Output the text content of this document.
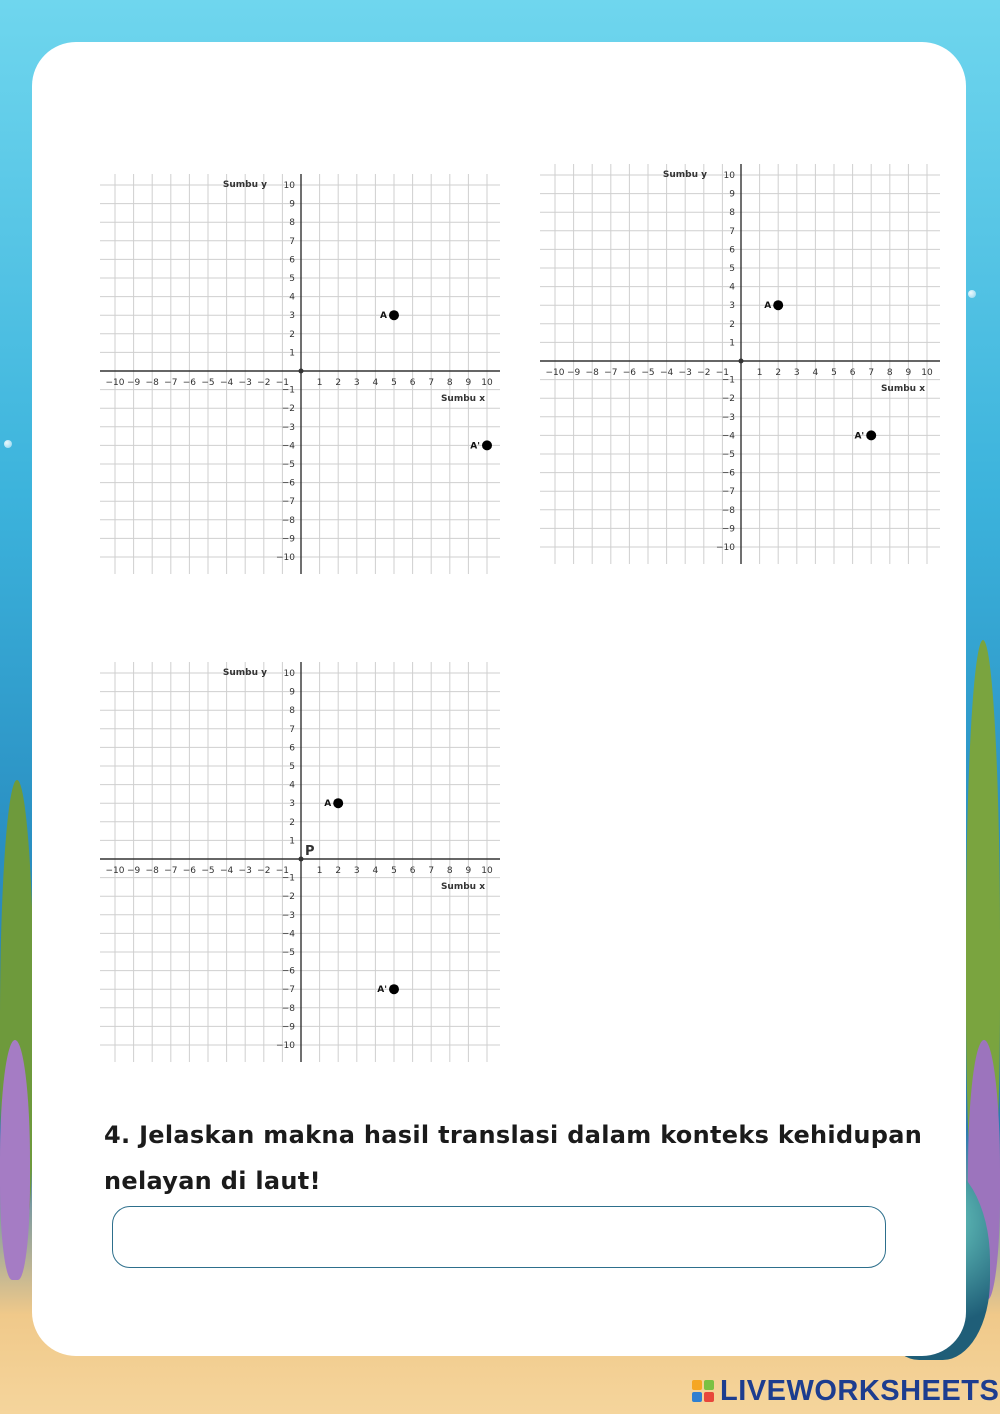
−10
−10
−9
−9
−8
−8
−7
−7
−6
−6
−5
−5
−4
−4
−3
−3
−2
−2
−1
−1
1
1
2
2
3
3
4
4
5
5
6
6
7
7
8
8
9
9
10
10
Sumbu x
Sumbu y
A
A'
−10
−10
−9
−9
−8
−8
−7
−7
−6
−6
−5
−5
−4
−4
−3
−3
−2
−2
−1
−1
1
1
2
2
3
3
4
4
5
5
6
6
7
7
8
8
9
9
10
10
Sumbu x
Sumbu y
A
A'
−10
−10
−9
−9
−8
−8
−7
−7
−6
−6
−5
−5
−4
−4
−3
−3
−2
−2
−1
−1
1
1
2
2
3
3
4
4
5
5
6
6
7
7
8
8
9
9
10
10
Sumbu x
Sumbu y
P
A
A'
4. Jelaskan makna hasil translasi dalam konteks kehidupan
nelayan di laut!
LIVEWORKSHEETS
